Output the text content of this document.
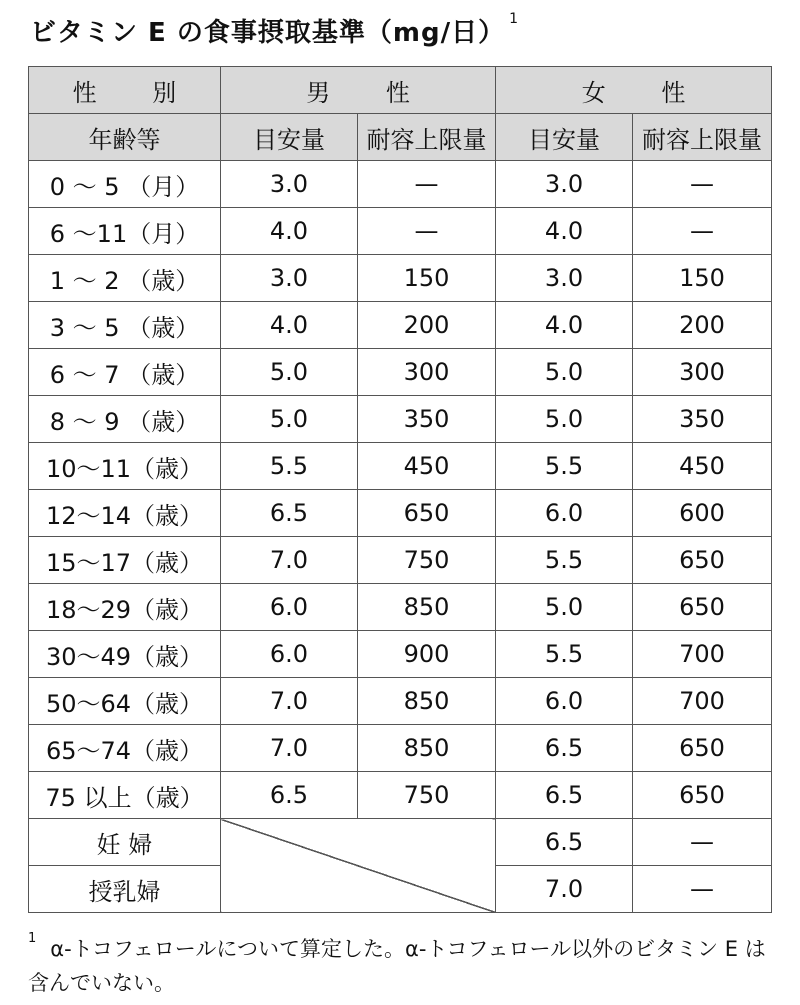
ビタミン E の食事摂取基準（mg/日） $^1$
性 別	男 性		女 性	
年齢等	目安量	耐容上限量	目安量	耐容上限量
0 ～ 5 （月）	3.0	—	3.0	—
6 ～11（月）	4.0	—	4.0	—
1 ～ 2 （歳）	3.0	150	3.0	150
3 ～ 5 （歳）	4.0	200	4.0	200
6 ～ 7 （歳）	5.0	300	5.0	300
8 ～ 9 （歳）	5.0	350	5.0	350
10～11（歳）	5.5	450	5.5	450
12～14（歳）	6.5	650	6.0	600
15～17（歳）	7.0	750	5.5	650
18～29（歳）	6.0	850	5.0	650
30～49（歳）	6.0	900	5.5	700
50～64（歳）	7.0	850	6.0	700
65～74（歳）	7.0	850	6.5	650
75 以上（歳）	6.5	750	6.5	650
妊 婦			6.5	—
授乳婦			7.0	—
$^1$ α-トコフェロールについて算定した。α-トコフェロール以外のビタミン E は含んでいない。
